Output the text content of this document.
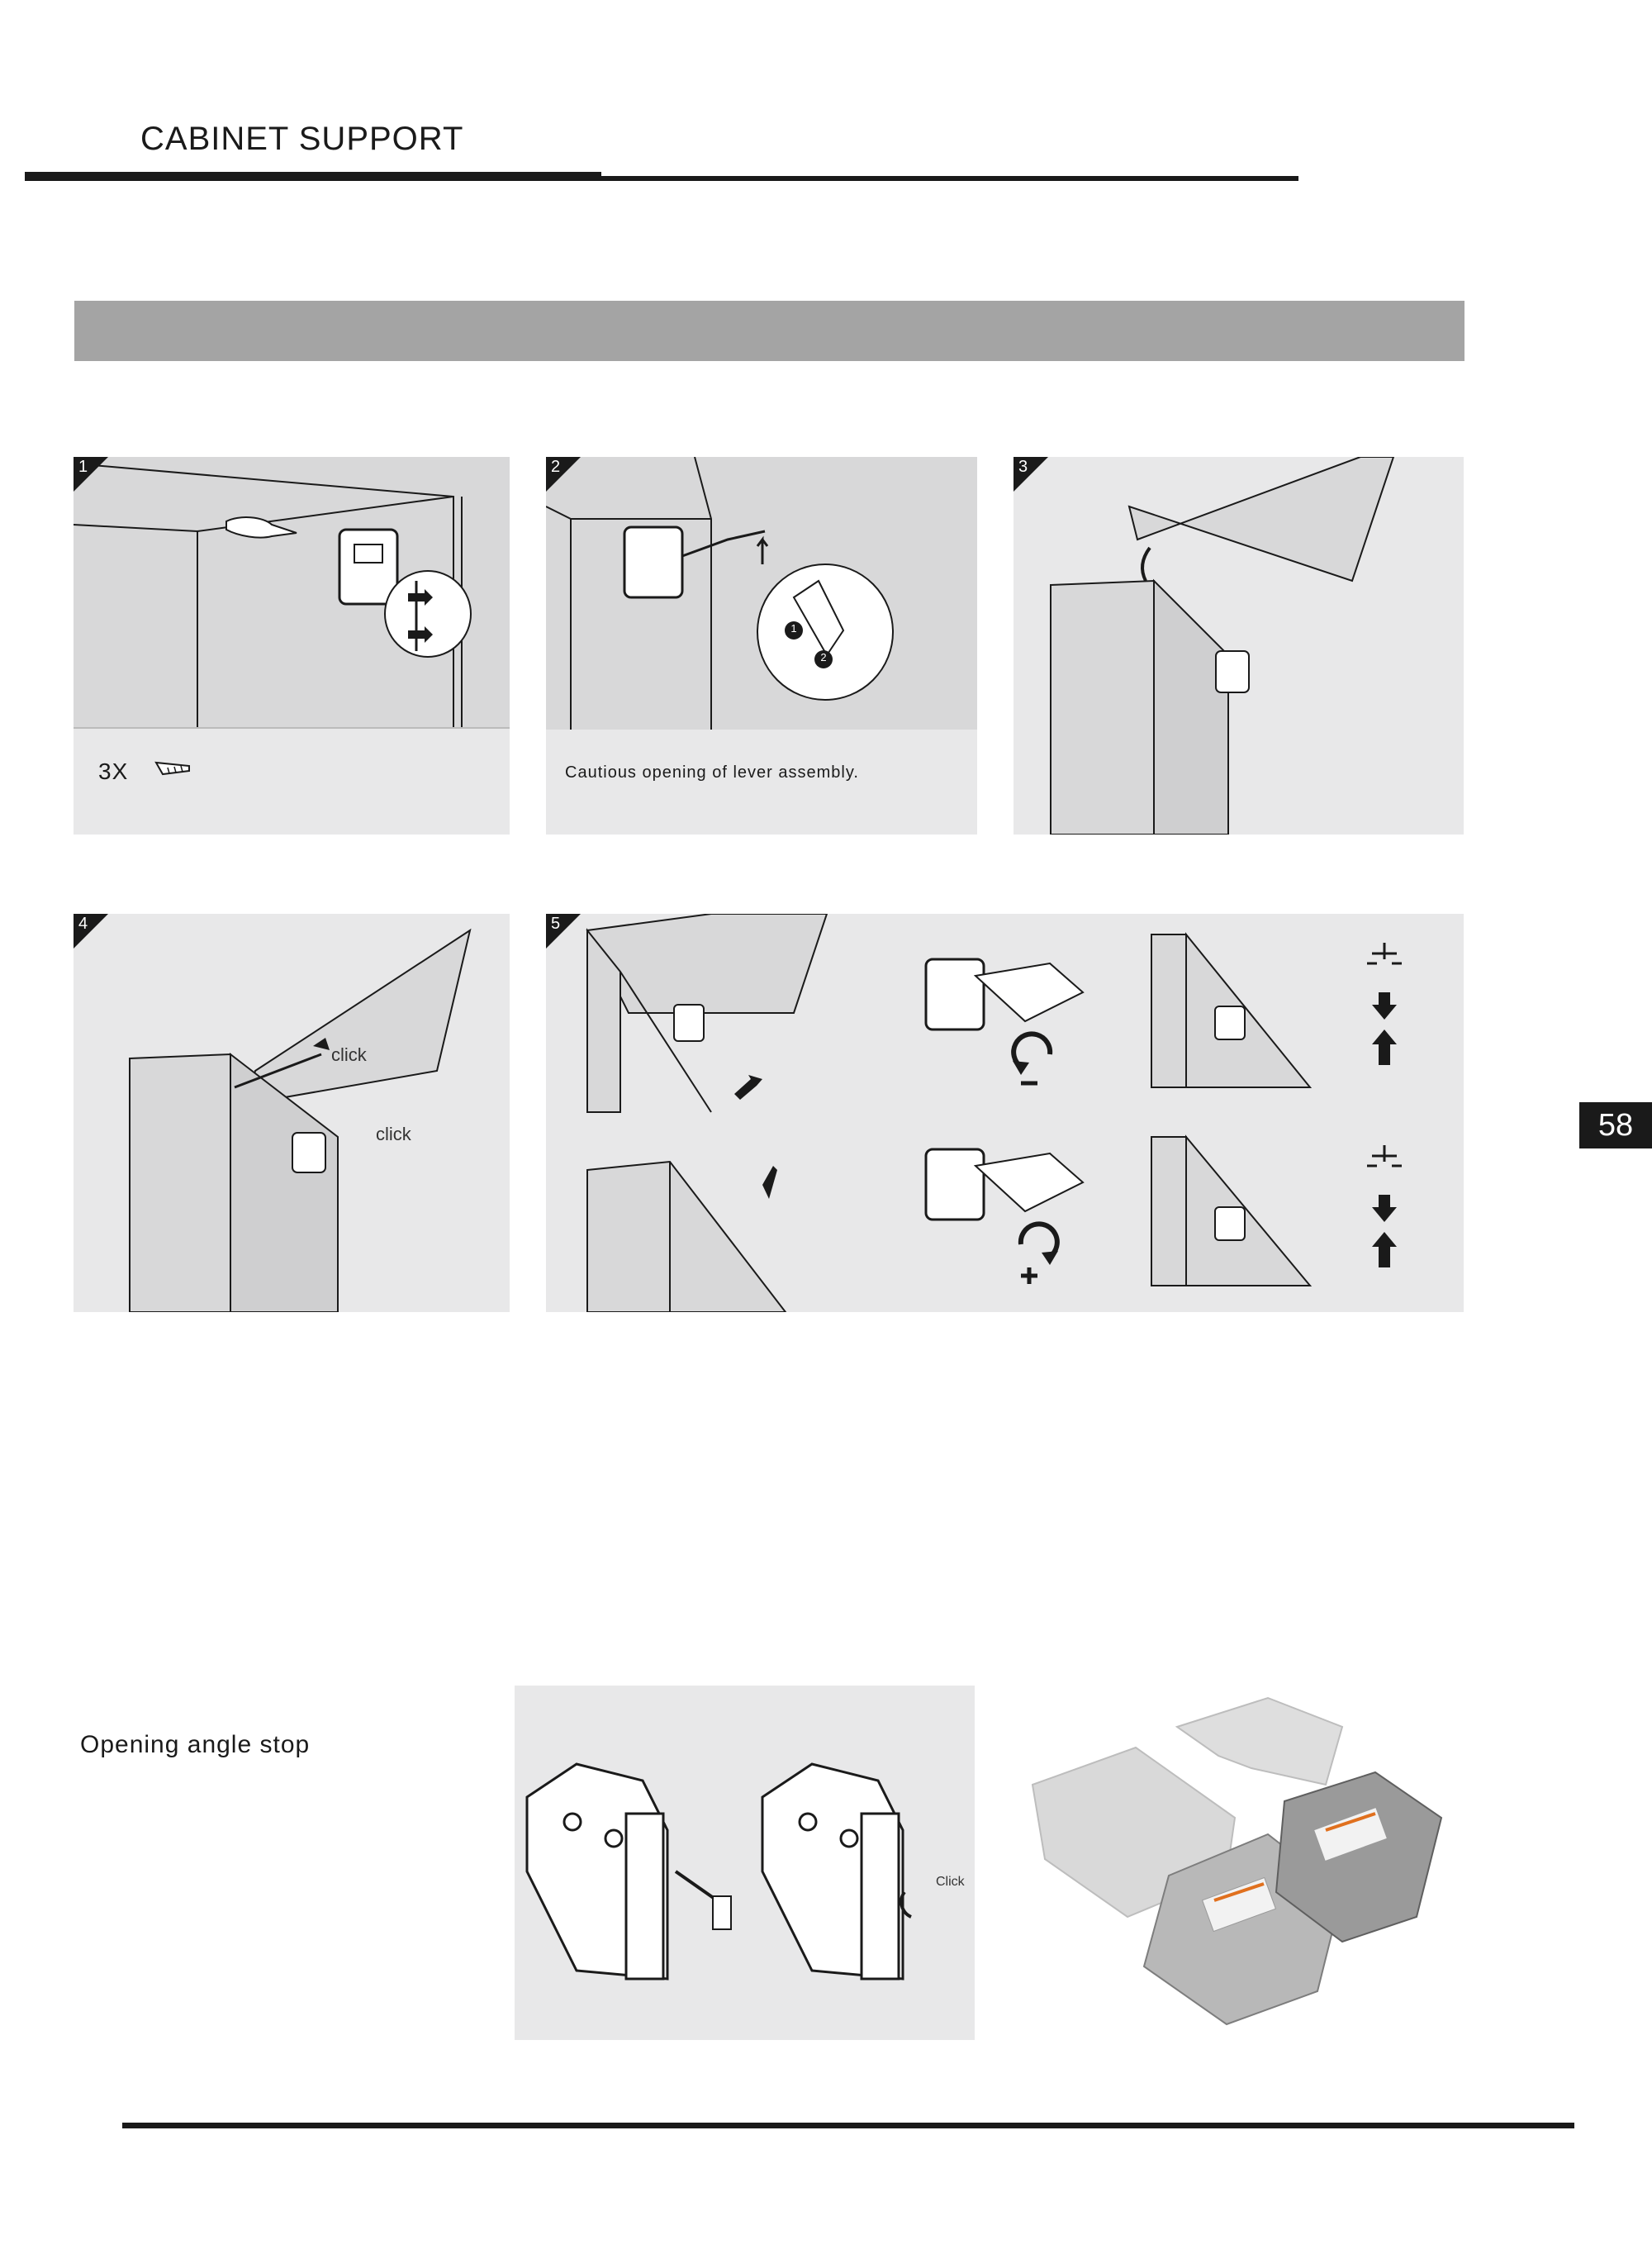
CABINET SUPPORT
1
3X
1
2
2
Cautious opening of lever assembly.
3
click
click
4	5
58
Opening angle stop
Click
